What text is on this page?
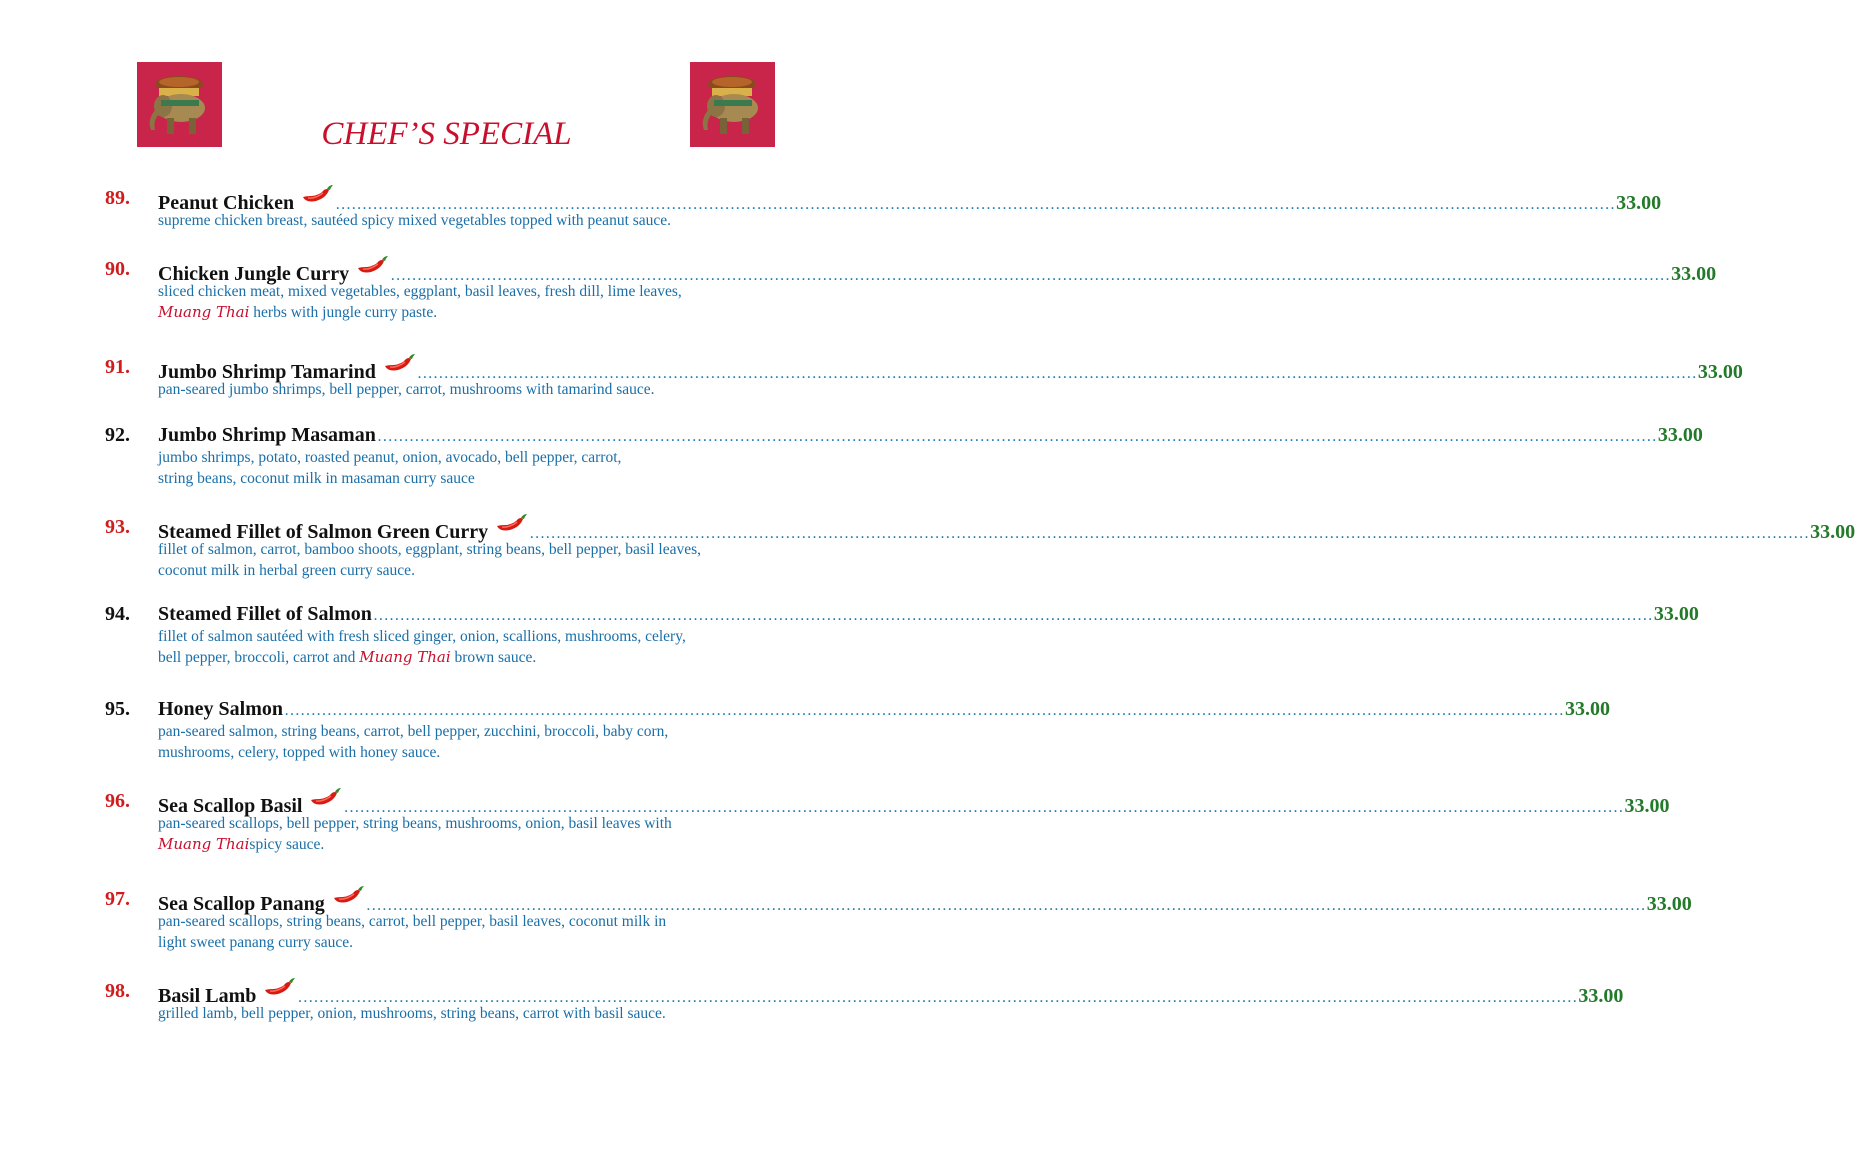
CHEF’S SPECIAL
89. Peanut Chicken	…………………………………………………………………………………………………………………………………………………………………………………………………………………… 33.00
supreme chicken breast, sautéed spicy mixed vegetables topped with peanut sauce.
90. Chicken Jungle Curry	…………………………………………………………………………………………………………………………………………………………………………………………………………………… 33.00
sliced chicken meat, mixed vegetables, eggplant, basil leaves, fresh dill, lime leaves,
Muang Thai herbs with jungle curry paste.
91. Jumbo Shrimp Tamarind	…………………………………………………………………………………………………………………………………………………………………………………………………………………… 33.00
pan-seared jumbo shrimps, bell pepper, carrot, mushrooms with tamarind sauce.
92. Jumbo Shrimp Masaman …………………………………………………………………………………………………………………………………………………………………………………………………………………… 33.00
jumbo shrimps, potato, roasted peanut, onion, avocado, bell pepper, carrot,
string beans, coconut milk in masaman curry sauce
93. Steamed Fillet of Salmon Green Curry	…………………………………………………………………………………………………………………………………………………………………………………………………………………… 33.00
fillet of salmon, carrot, bamboo shoots, eggplant, string beans, bell pepper, basil leaves,
coconut milk in herbal green curry sauce.
94. Steamed Fillet of Salmon …………………………………………………………………………………………………………………………………………………………………………………………………………………… 33.00
fillet of salmon sautéed with fresh sliced ginger, onion, scallions, mushrooms, celery,
bell pepper, broccoli, carrot and Muang Thai brown sauce.
95. Honey Salmon …………………………………………………………………………………………………………………………………………………………………………………………………………………… 33.00
pan-seared salmon, string beans, carrot, bell pepper, zucchini, broccoli, baby corn,
mushrooms, celery, topped with honey sauce.
96. Sea Scallop Basil	…………………………………………………………………………………………………………………………………………………………………………………………………………………… 33.00
pan-seared scallops, bell pepper, string beans, mushrooms, onion, basil leaves with
Muang Thaispicy sauce.
97. Sea Scallop Panang	…………………………………………………………………………………………………………………………………………………………………………………………………………………… 33.00
pan-seared scallops, string beans, carrot, bell pepper, basil leaves, coconut milk in
light sweet panang curry sauce.
98. Basil Lamb	…………………………………………………………………………………………………………………………………………………………………………………………………………………… 33.00
grilled lamb, bell pepper, onion, mushrooms, string beans, carrot with basil sauce.
